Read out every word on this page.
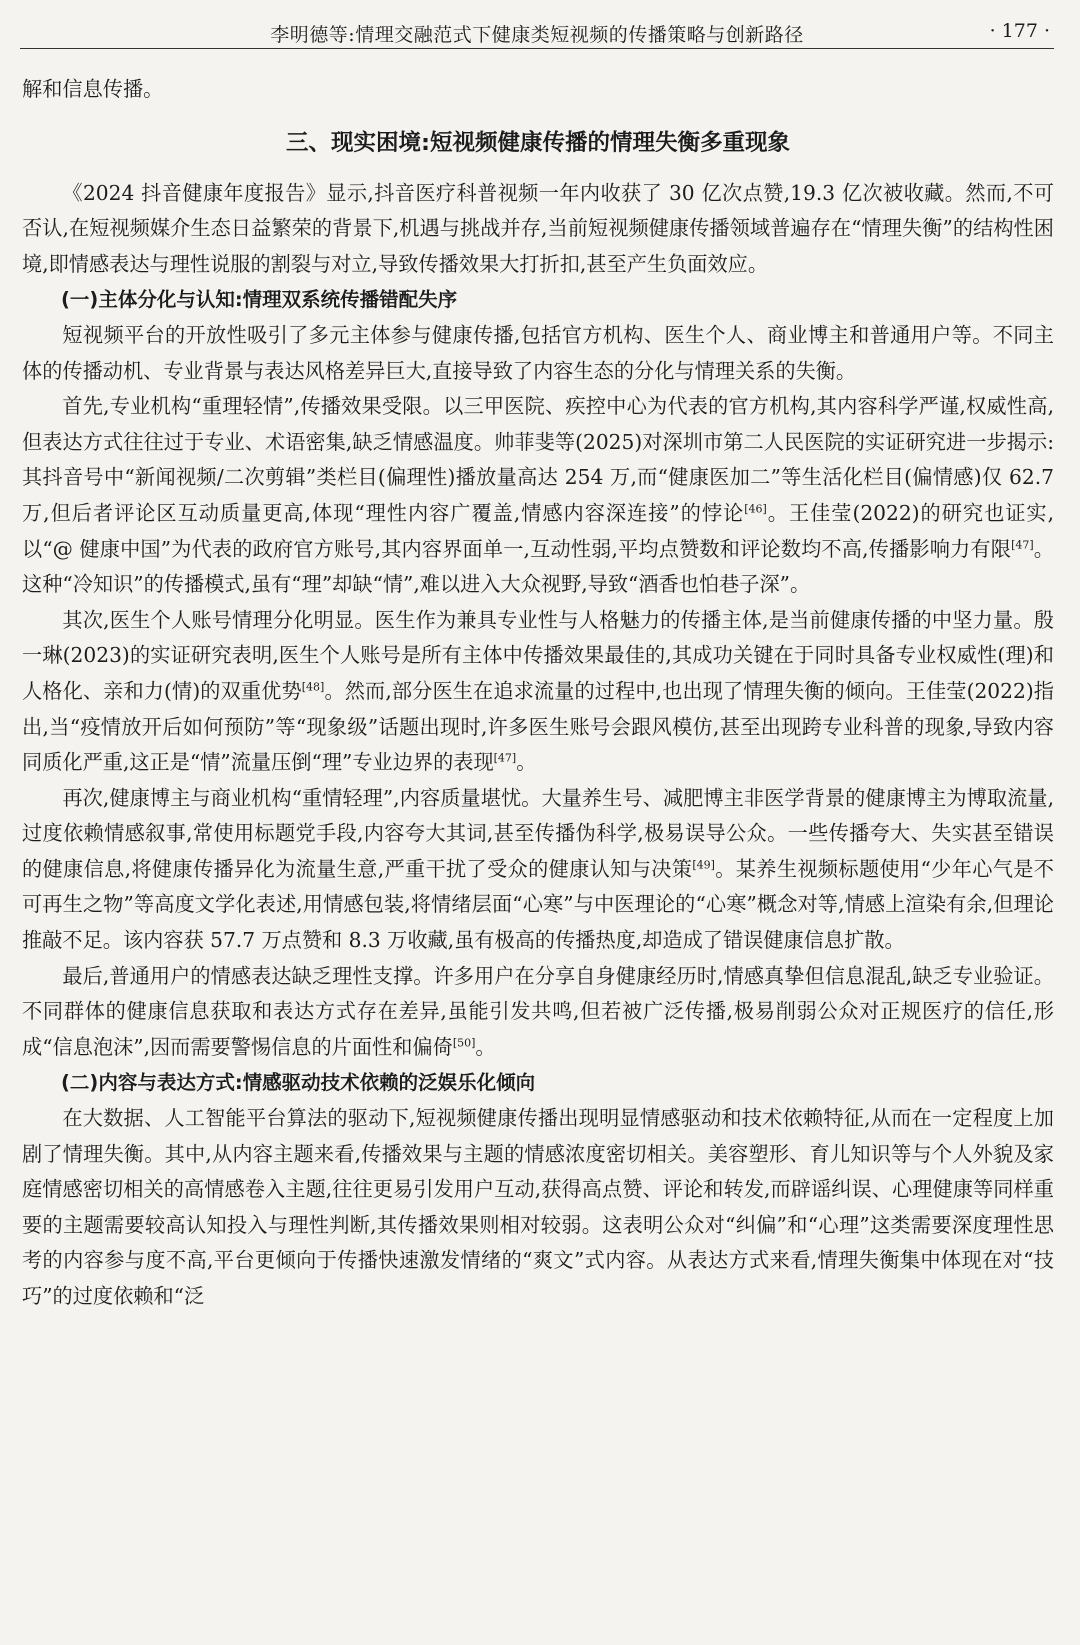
李明德等:情理交融范式下健康类短视频的传播策略与创新路径	· 177 ·

解和信息传播。

三、现实困境:短视频健康传播的情理失衡多重现象

《2024 抖音健康年度报告》显示,抖音医疗科普视频一年内收获了 30 亿次点赞,19.3 亿次被收藏。然而,不可否认,在短视频媒介生态日益繁荣的背景下,机遇与挑战并存,当前短视频健康传播领域普遍存在“情理失衡”的结构性困境,即情感表达与理性说服的割裂与对立,导致传播效果大打折扣,甚至产生负面效应。

(一)主体分化与认知:情理双系统传播错配失序

短视频平台的开放性吸引了多元主体参与健康传播,包括官方机构、医生个人、商业博主和普通用户等。不同主体的传播动机、专业背景与表达风格差异巨大,直接导致了内容生态的分化与情理关系的失衡。

首先,专业机构“重理轻情”,传播效果受限。以三甲医院、疾控中心为代表的官方机构,其内容科学严谨,权威性高,但表达方式往往过于专业、术语密集,缺乏情感温度。帅菲斐等(2025)对深圳市第二人民医院的实证研究进一步揭示:其抖音号中“新闻视频/二次剪辑”类栏目(偏理性)播放量高达 254 万,而“健康医加二”等生活化栏目(偏情感)仅 62.7 万,但后者评论区互动质量更高,体现“理性内容广覆盖,情感内容深连接”的悖论[46]。王佳莹(2022)的研究也证实,以“@ 健康中国”为代表的政府官方账号,其内容界面单一,互动性弱,平均点赞数和评论数均不高,传播影响力有限[47]。这种“冷知识”的传播模式,虽有“理”却缺“情”,难以进入大众视野,导致“酒香也怕巷子深”。

其次,医生个人账号情理分化明显。医生作为兼具专业性与人格魅力的传播主体,是当前健康传播的中坚力量。殷一琳(2023)的实证研究表明,医生个人账号是所有主体中传播效果最佳的,其成功关键在于同时具备专业权威性(理)和人格化、亲和力(情)的双重优势[48]。然而,部分医生在追求流量的过程中,也出现了情理失衡的倾向。王佳莹(2022)指出,当“疫情放开后如何预防”等“现象级”话题出现时,许多医生账号会跟风模仿,甚至出现跨专业科普的现象,导致内容同质化严重,这正是“情”流量压倒“理”专业边界的表现[47]。

再次,健康博主与商业机构“重情轻理”,内容质量堪忧。大量养生号、减肥博主非医学背景的健康博主为博取流量,过度依赖情感叙事,常使用标题党手段,内容夸大其词,甚至传播伪科学,极易误导公众。一些传播夸大、失实甚至错误的健康信息,将健康传播异化为流量生意,严重干扰了受众的健康认知与决策[49]。某养生视频标题使用“少年心气是不可再生之物”等高度文学化表述,用情感包装,将情绪层面“心寒”与中医理论的“心寒”概念对等,情感上渲染有余,但理论推敲不足。该内容获 57.7 万点赞和 8.3 万收藏,虽有极高的传播热度,却造成了错误健康信息扩散。

最后,普通用户的情感表达缺乏理性支撑。许多用户在分享自身健康经历时,情感真挚但信息混乱,缺乏专业验证。不同群体的健康信息获取和表达方式存在差异,虽能引发共鸣,但若被广泛传播,极易削弱公众对正规医疗的信任,形成“信息泡沫”,因而需要警惕信息的片面性和偏倚[50]。

(二)内容与表达方式:情感驱动技术依赖的泛娱乐化倾向

在大数据、人工智能平台算法的驱动下,短视频健康传播出现明显情感驱动和技术依赖特征,从而在一定程度上加剧了情理失衡。其中,从内容主题来看,传播效果与主题的情感浓度密切相关。美容塑形、育儿知识等与个人外貌及家庭情感密切相关的高情感卷入主题,往往更易引发用户互动,获得高点赞、评论和转发,而辟谣纠误、心理健康等同样重要的主题需要较高认知投入与理性判断,其传播效果则相对较弱。这表明公众对“纠偏”和“心理”这类需要深度理性思考的内容参与度不高,平台更倾向于传播快速激发情绪的“爽文”式内容。从表达方式来看,情理失衡集中体现在对“技巧”的过度依赖和“泛
